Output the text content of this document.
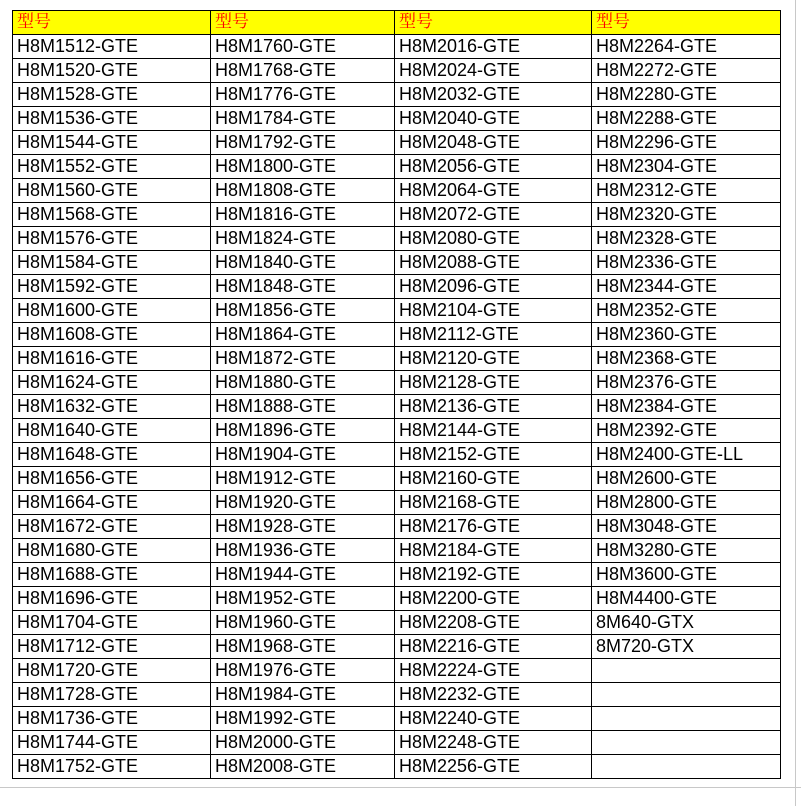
型号	型号	型号	型号
H8M1512-GTE	H8M1760-GTE	H8M2016-GTE	H8M2264-GTE
H8M1520-GTE	H8M1768-GTE	H8M2024-GTE	H8M2272-GTE
H8M1528-GTE	H8M1776-GTE	H8M2032-GTE	H8M2280-GTE
H8M1536-GTE	H8M1784-GTE	H8M2040-GTE	H8M2288-GTE
H8M1544-GTE	H8M1792-GTE	H8M2048-GTE	H8M2296-GTE
H8M1552-GTE	H8M1800-GTE	H8M2056-GTE	H8M2304-GTE
H8M1560-GTE	H8M1808-GTE	H8M2064-GTE	H8M2312-GTE
H8M1568-GTE	H8M1816-GTE	H8M2072-GTE	H8M2320-GTE
H8M1576-GTE	H8M1824-GTE	H8M2080-GTE	H8M2328-GTE
H8M1584-GTE	H8M1840-GTE	H8M2088-GTE	H8M2336-GTE
H8M1592-GTE	H8M1848-GTE	H8M2096-GTE	H8M2344-GTE
H8M1600-GTE	H8M1856-GTE	H8M2104-GTE	H8M2352-GTE
H8M1608-GTE	H8M1864-GTE	H8M2112-GTE	H8M2360-GTE
H8M1616-GTE	H8M1872-GTE	H8M2120-GTE	H8M2368-GTE
H8M1624-GTE	H8M1880-GTE	H8M2128-GTE	H8M2376-GTE
H8M1632-GTE	H8M1888-GTE	H8M2136-GTE	H8M2384-GTE
H8M1640-GTE	H8M1896-GTE	H8M2144-GTE	H8M2392-GTE
H8M1648-GTE	H8M1904-GTE	H8M2152-GTE	H8M2400-GTE-LL
H8M1656-GTE	H8M1912-GTE	H8M2160-GTE	H8M2600-GTE
H8M1664-GTE	H8M1920-GTE	H8M2168-GTE	H8M2800-GTE
H8M1672-GTE	H8M1928-GTE	H8M2176-GTE	H8M3048-GTE
H8M1680-GTE	H8M1936-GTE	H8M2184-GTE	H8M3280-GTE
H8M1688-GTE	H8M1944-GTE	H8M2192-GTE	H8M3600-GTE
H8M1696-GTE	H8M1952-GTE	H8M2200-GTE	H8M4400-GTE
H8M1704-GTE	H8M1960-GTE	H8M2208-GTE	8M640-GTX
H8M1712-GTE	H8M1968-GTE	H8M2216-GTE	8M720-GTX
H8M1720-GTE	H8M1976-GTE	H8M2224-GTE	
H8M1728-GTE	H8M1984-GTE	H8M2232-GTE	
H8M1736-GTE	H8M1992-GTE	H8M2240-GTE	
H8M1744-GTE	H8M2000-GTE	H8M2248-GTE	
H8M1752-GTE	H8M2008-GTE	H8M2256-GTE	
